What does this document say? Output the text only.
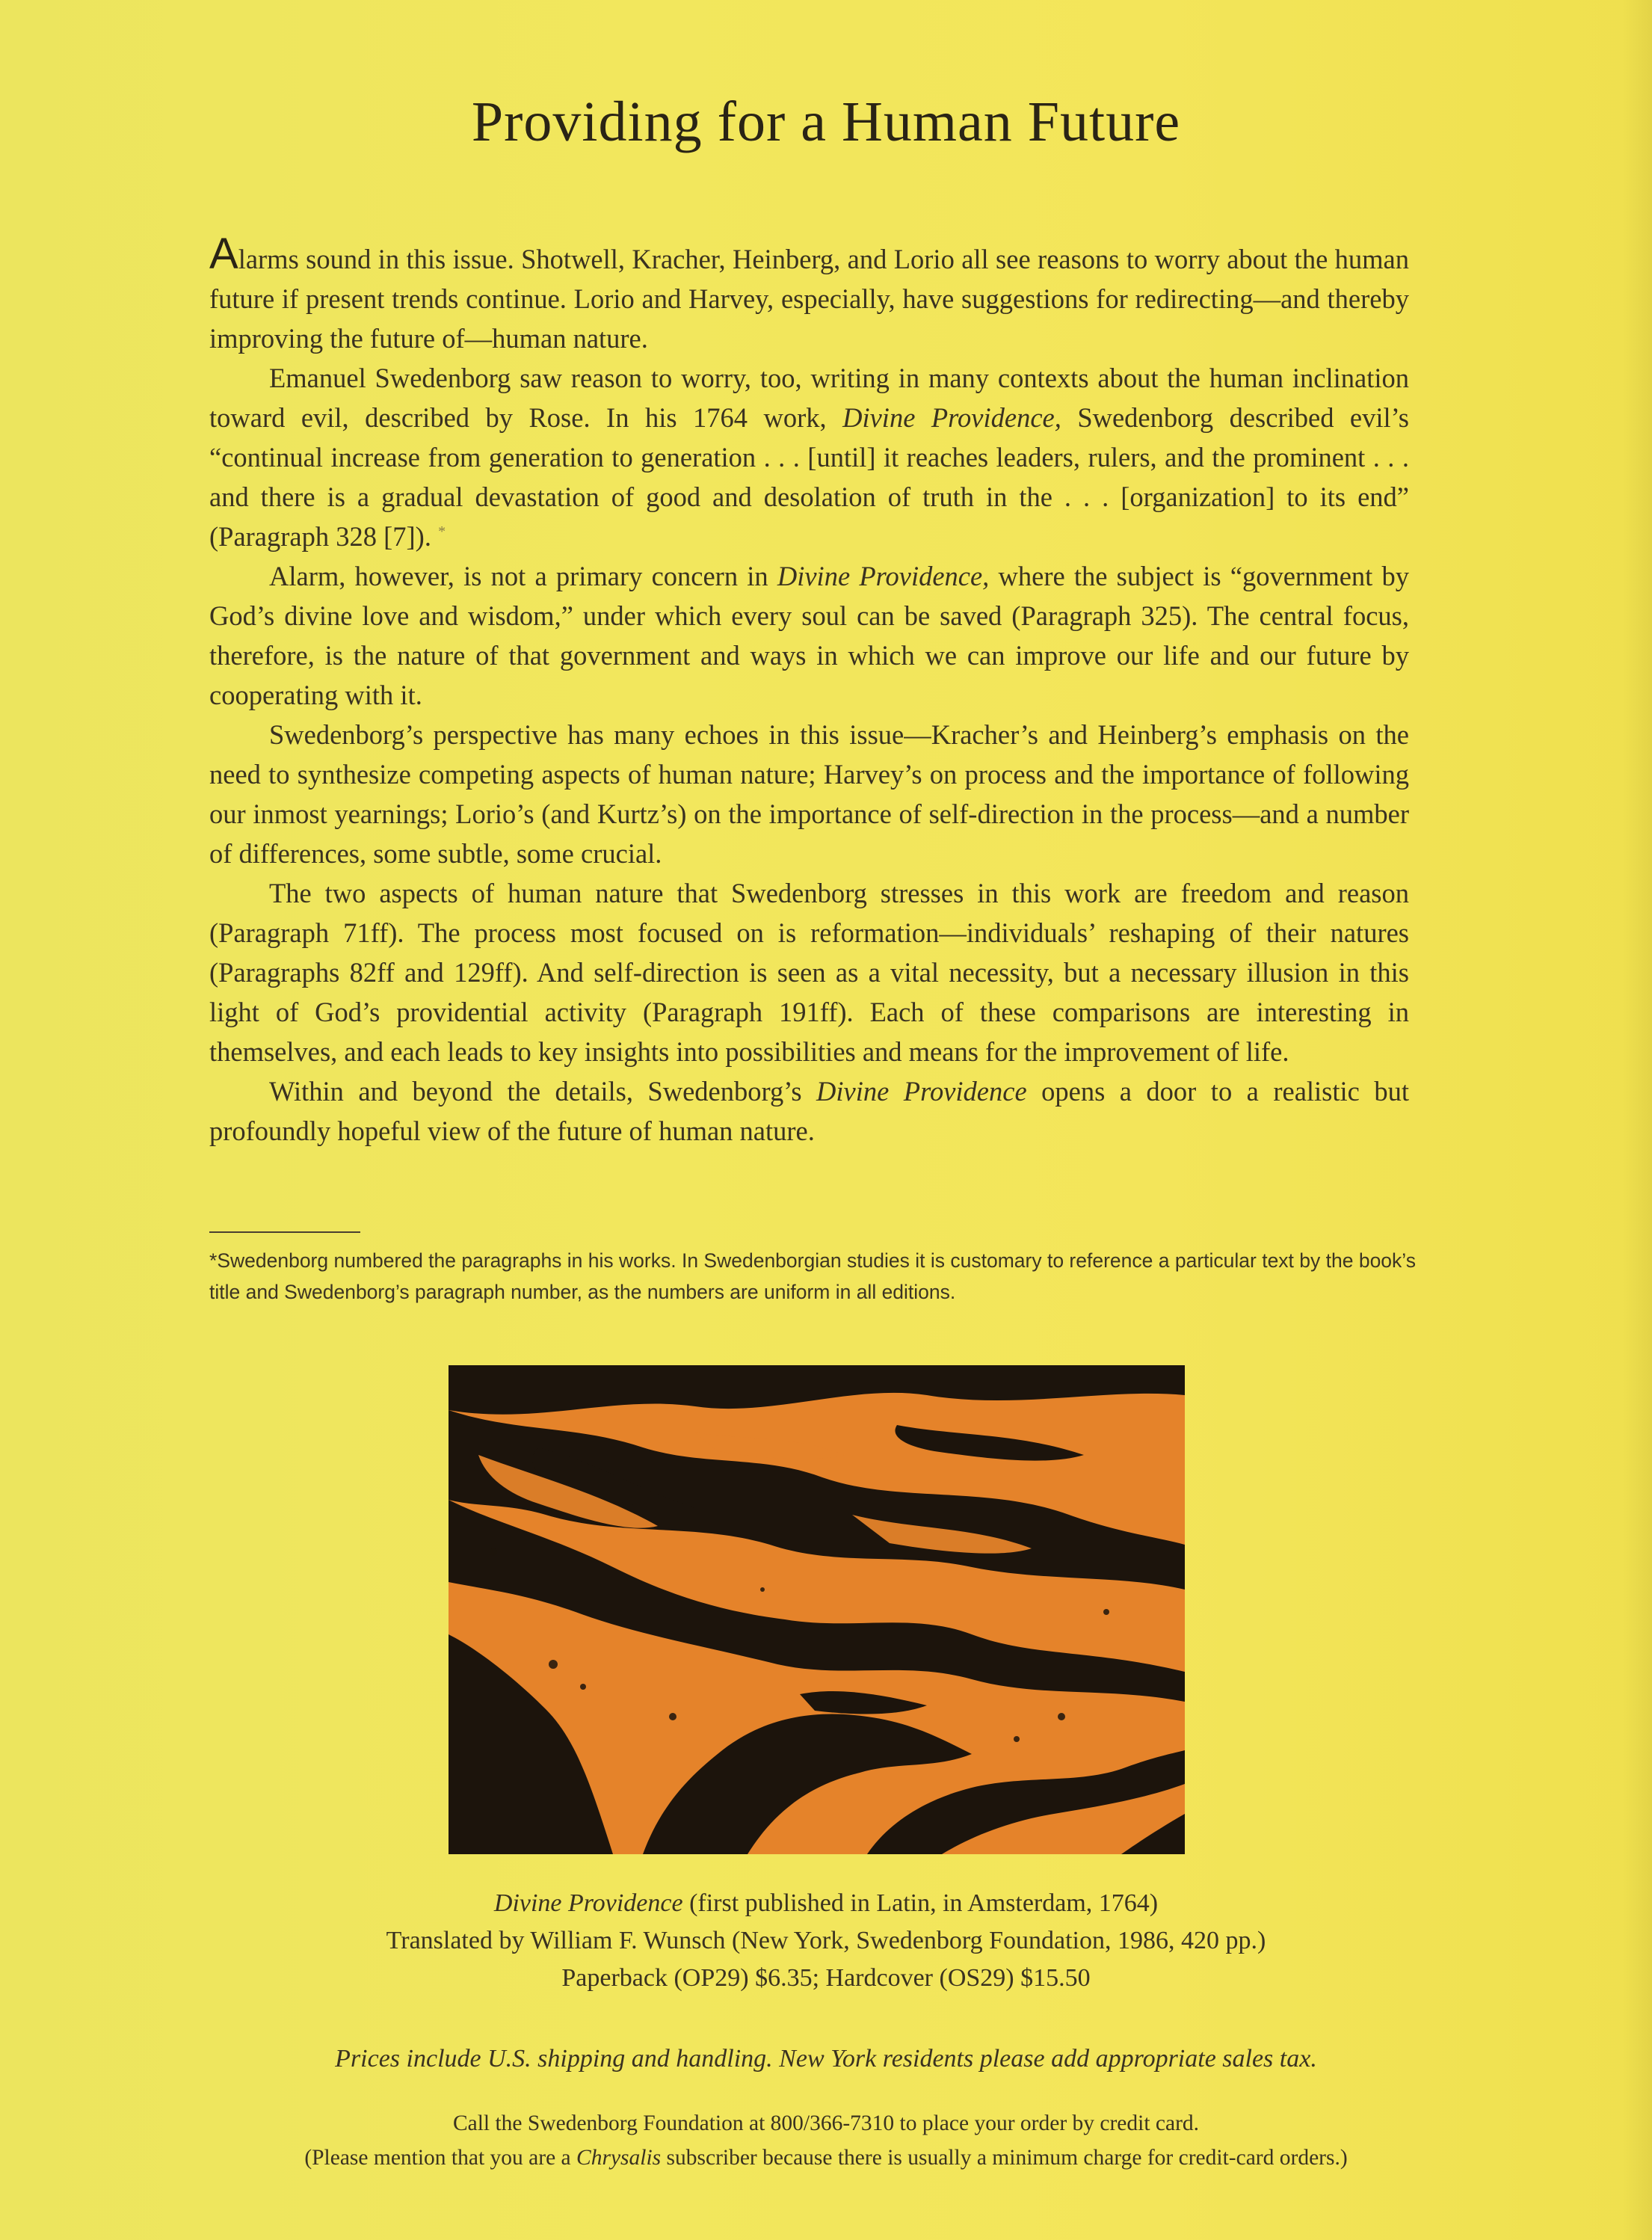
Providing for a Human Future

Alarms sound in this issue. Shotwell, Kracher, Heinberg, and Lorio all see reasons to worry about the human future if present trends continue. Lorio and Harvey, especially, have suggestions for redirecting—and thereby improving the future of—human nature.

Emanuel Swedenborg saw reason to worry, too, writing in many contexts about the human inclination toward evil, described by Rose. In his 1764 work, Divine Providence, Swedenborg described evil’s “continual increase from generation to generation . . . [until] it reaches leaders, rulers, and the prominent . . . and there is a gradual devastation of good and desolation of truth in the . . . [organization] to its end” (Paragraph 328 [7]). *

Alarm, however, is not a primary concern in Divine Providence, where the subject is “government by God’s divine love and wisdom,” under which every soul can be saved (Paragraph 325). The central focus, therefore, is the nature of that government and ways in which we can improve our life and our future by cooperating with it.

Swedenborg’s perspective has many echoes in this issue—Kracher’s and Heinberg’s emphasis on the need to synthesize competing aspects of human nature; Harvey’s on process and the importance of following our inmost yearnings; Lorio’s (and Kurtz’s) on the importance of self-direction in the process—and a number of differences, some subtle, some crucial.

The two aspects of human nature that Swedenborg stresses in this work are freedom and reason (Paragraph 71ff). The process most focused on is reformation—individuals’ reshaping of their natures (Paragraphs 82ff and 129ff). And self-direction is seen as a vital necessity, but a necessary illusion in this light of God’s providential activity (Paragraph 191ff). Each of these comparisons are interesting in themselves, and each leads to key insights into possibilities and means for the improvement of life.

Within and beyond the details, Swedenborg’s Divine Providence opens a door to a realistic but profoundly hopeful view of the future of human nature.

*Swedenborg numbered the paragraphs in his works. In Swedenborgian studies it is customary to reference a particular text by the book’s title and Swedenborg’s paragraph number, as the numbers are uniform in all editions.
Divine Providence (first published in Latin, in Amsterdam, 1764)
Translated by William F. Wunsch (New York, Swedenborg Foundation, 1986, 420 pp.)
Paperback (OP29) $6.35; Hardcover (OS29) $15.50
Prices include U.S. shipping and handling. New York residents please add appropriate sales tax.
Call the Swedenborg Foundation at 800/366-7310 to place your order by credit card.
(Please mention that you are a Chrysalis subscriber because there is usually a minimum charge for credit-card orders.)
